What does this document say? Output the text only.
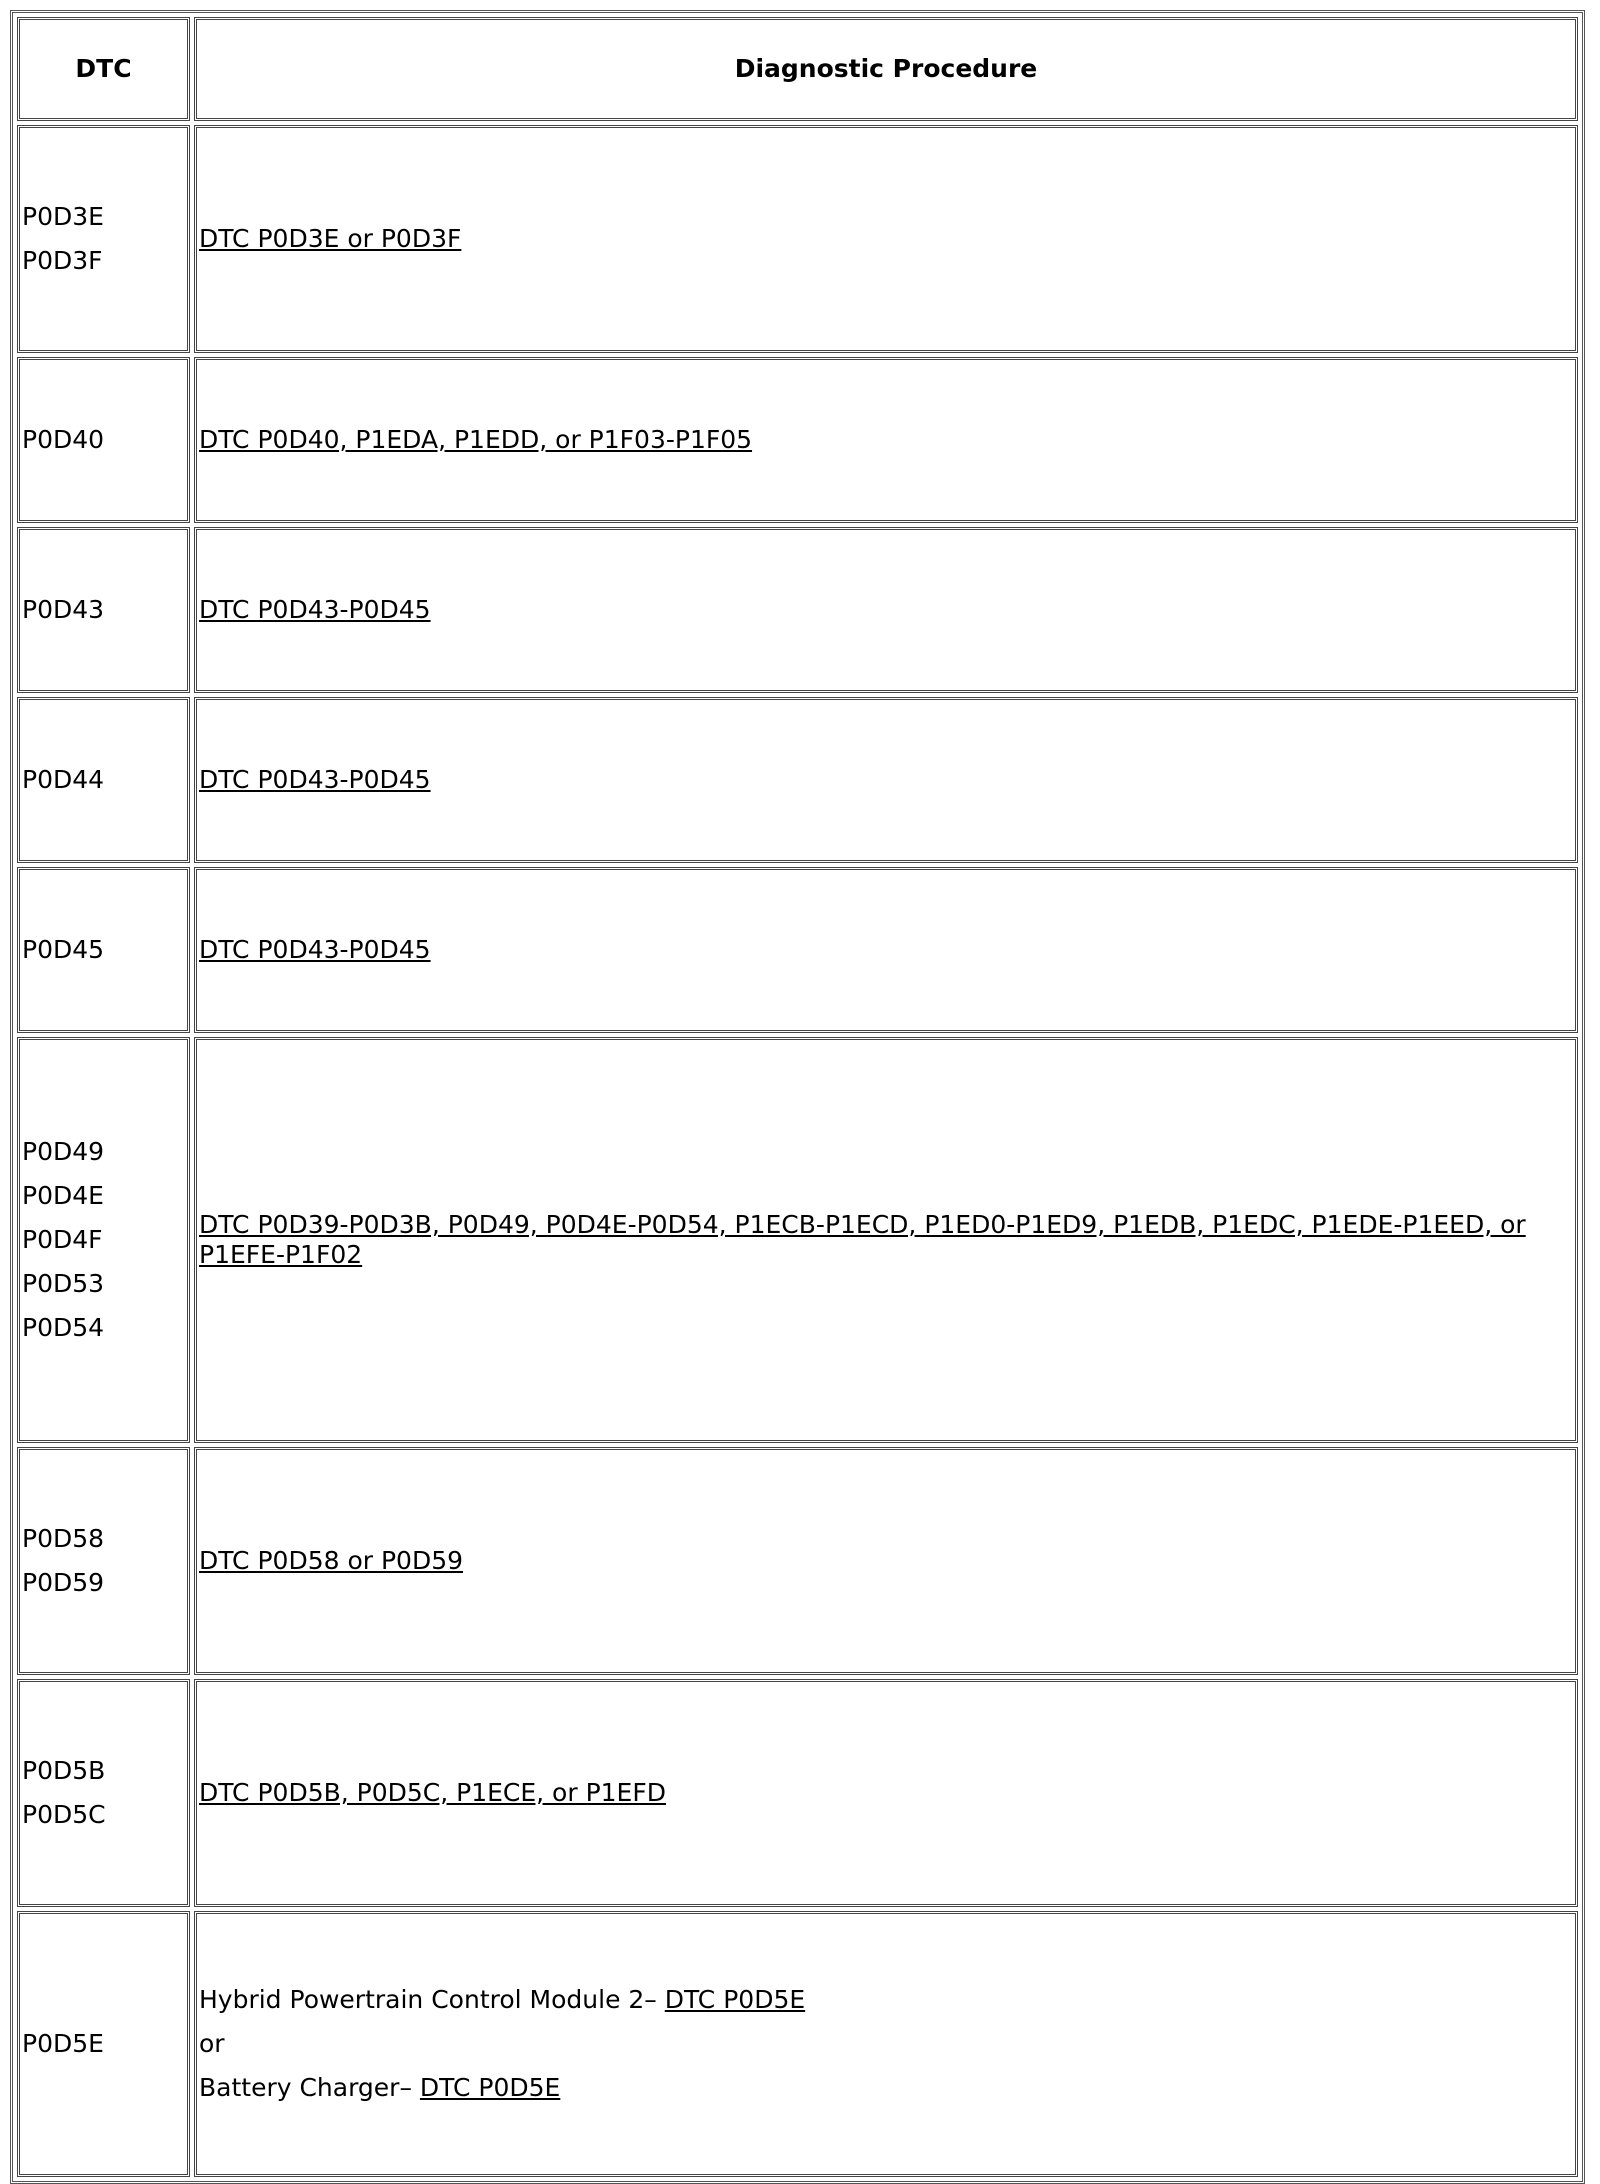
DTC	Diagnostic Procedure

P0D3E
P0D3F	DTC P0D3E or P0D3F

P0D40	DTC P0D40, P1EDA, P1EDD, or P1F03-P1F05

P0D43	DTC P0D43-P0D45

P0D44	DTC P0D43-P0D45

P0D45	DTC P0D43-P0D45

P0D49
P0D4E
P0D4F
P0D53
P0D54	DTC P0D39-P0D3B, P0D49, P0D4E-P0D54, P1ECB-P1ECD, P1ED0-P1ED9, P1EDB, P1EDC, P1EDE-P1EED, or P1EFE-P1F02

P0D58
P0D59	DTC P0D58 or P0D59

P0D5B
P0D5C	DTC P0D5B, P0D5C, P1ECE, or P1EFD

P0D5E	Hybrid Powertrain Control Module 2– DTC P0D5E
or
Battery Charger– DTC P0D5E
